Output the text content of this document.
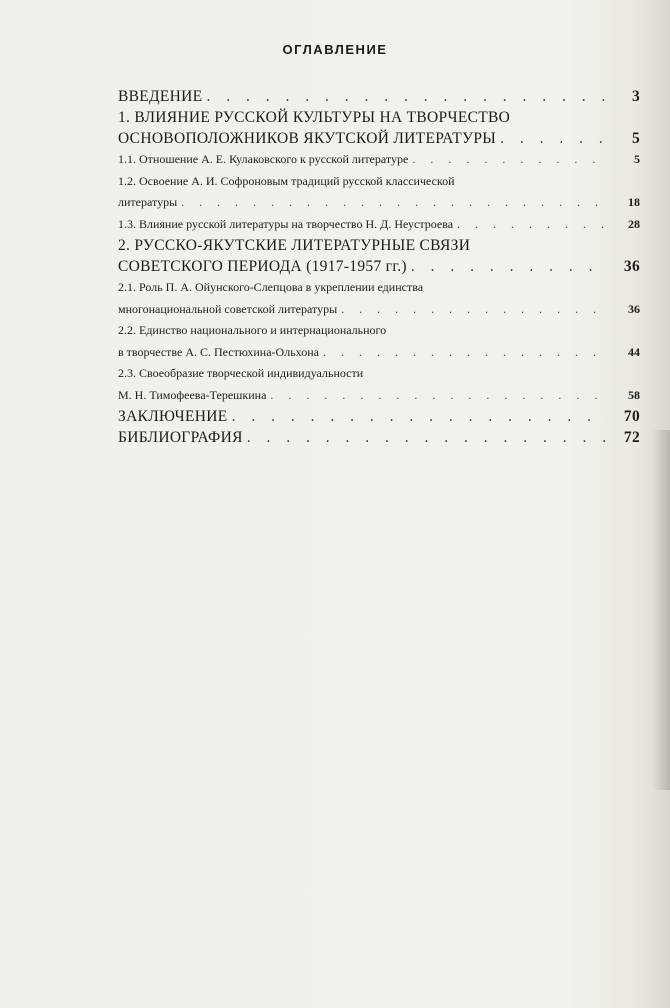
ОГЛАВЛЕНИЕ
ВВЕДЕНИЕ . . .	3
1. ВЛИЯНИЕ РУССКОЙ КУЛЬТУРЫ НА ТВОРЧЕСТВО
ОСНОВОПОЛОЖНИКОВ ЯКУТСКОЙ ЛИТЕРАТУРЫ . . .	5
1.1. Отношение А. Е. Кулаковского к русской литературе . . .	5
1.2. Освоение А. И. Софроновым традиций русской классической
литературы . . .	18
1.3. Влияние русской литературы на творчество Н. Д. Неустроева . . .	28
2. РУССКО-ЯКУТСКИЕ ЛИТЕРАТУРНЫЕ СВЯЗИ
СОВЕТСКОГО ПЕРИОДА (1917-1957 гг.) . . .	36
2.1. Роль П. А. Ойунского-Слепцова в укреплении единства
многонациональной советской литературы . . .	36
2.2. Единство национального и интернационального
в творчестве А. С. Пестюхина-Ольхона . . .	44
2.3. Своеобразие творческой индивидуальности
М. Н. Тимофеева-Терешкина . . .	58
ЗАКЛЮЧЕНИЕ . . .	70
БИБЛИОГРАФИЯ . . .	72
